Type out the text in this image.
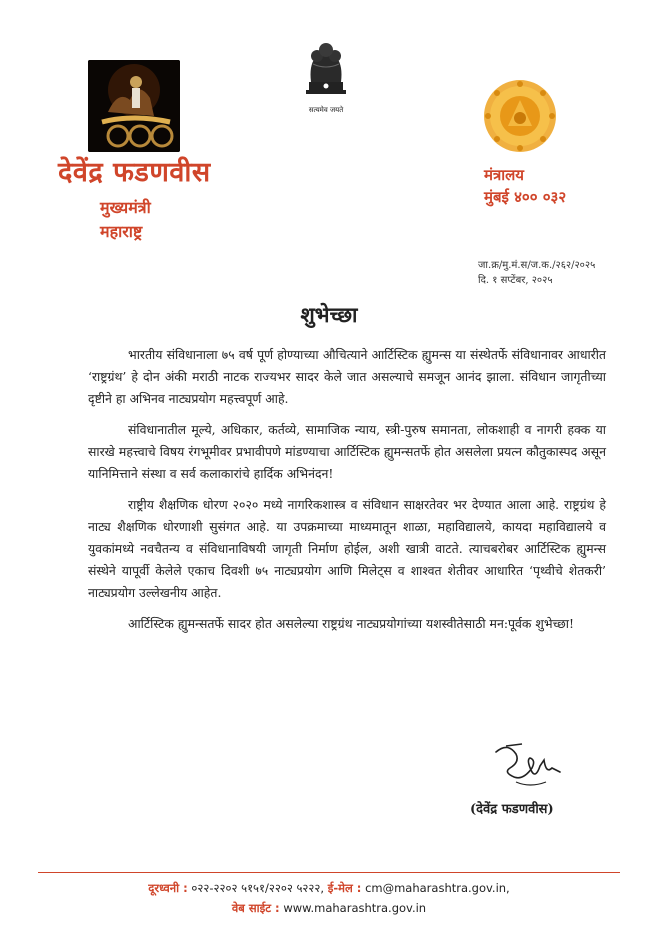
सत्यमेव जयते
देवेंद्र फडणवीस
मुख्यमंत्री
महाराष्ट्र
मंत्रालय
मुंबई ४०० ०३२
जा.क्र/मु.मं.स/ज.क./२६२/२०२५
दि. १ सप्टेंबर, २०२५
शुभेच्छा

भारतीय संविधानाला ७५ वर्ष पूर्ण होण्याच्या औचित्याने आर्टिस्टिक ह्युमन्स या संस्थेतर्फे संविधानावर आधारीत ‘राष्ट्रग्रंथ’ हे दोन अंकी मराठी नाटक राज्यभर सादर केले जात असल्याचे समजून आनंद झाला. संविधान जागृतीच्या दृष्टीने हा अभिनव नाट्यप्रयोग महत्त्वपूर्ण आहे.

संविधानातील मूल्ये, अधिकार, कर्तव्ये, सामाजिक न्याय, स्त्री-पुरुष समानता, लोकशाही व नागरी हक्क या सारखे महत्त्वाचे विषय रंगभूमीवर प्रभावीपणे मांडण्याचा आर्टिस्टिक ह्युमन्सतर्फे होत असलेला प्रयत्न कौतुकास्पद असून यानिमित्ताने संस्था व सर्व कलाकारांचे हार्दिक अभिनंदन!

राष्ट्रीय शैक्षणिक धोरण २०२० मध्ये नागरिकशास्त्र व संविधान साक्षरतेवर भर देण्यात आला आहे. राष्ट्रग्रंथ हे नाट्य शैक्षणिक धोरणाशी सुसंगत आहे. या उपक्रमाच्या माध्यमातून शाळा, महाविद्यालये, कायदा महाविद्यालये व युवकांमध्ये नवचैतन्य व संविधानाविषयी जागृती निर्माण होईल, अशी खात्री वाटते. त्याचबरोबर आर्टिस्टिक ह्युमन्स संस्थेने यापूर्वी केलेले एकाच दिवशी ७५ नाट्यप्रयोग आणि मिलेट्स व शाश्वत शेतीवर आधारित ‘पृथ्वीचे शेतकरी’ नाट्यप्रयोग उल्लेखनीय आहेत.

आर्टिस्टिक ह्युमन्सतर्फे सादर होत असलेल्या राष्ट्रग्रंथ नाट्यप्रयोगांच्या यशस्वीतेसाठी मन:पूर्वक शुभेच्छा!

(देवेंद्र फडणवीस)
दूरध्वनी : ०२२-२२०२ ५१५१/२२०२ ५२२२, ई-मेल : cm@maharashtra.gov.in,
वेब साईट : www.maharashtra.gov.in
